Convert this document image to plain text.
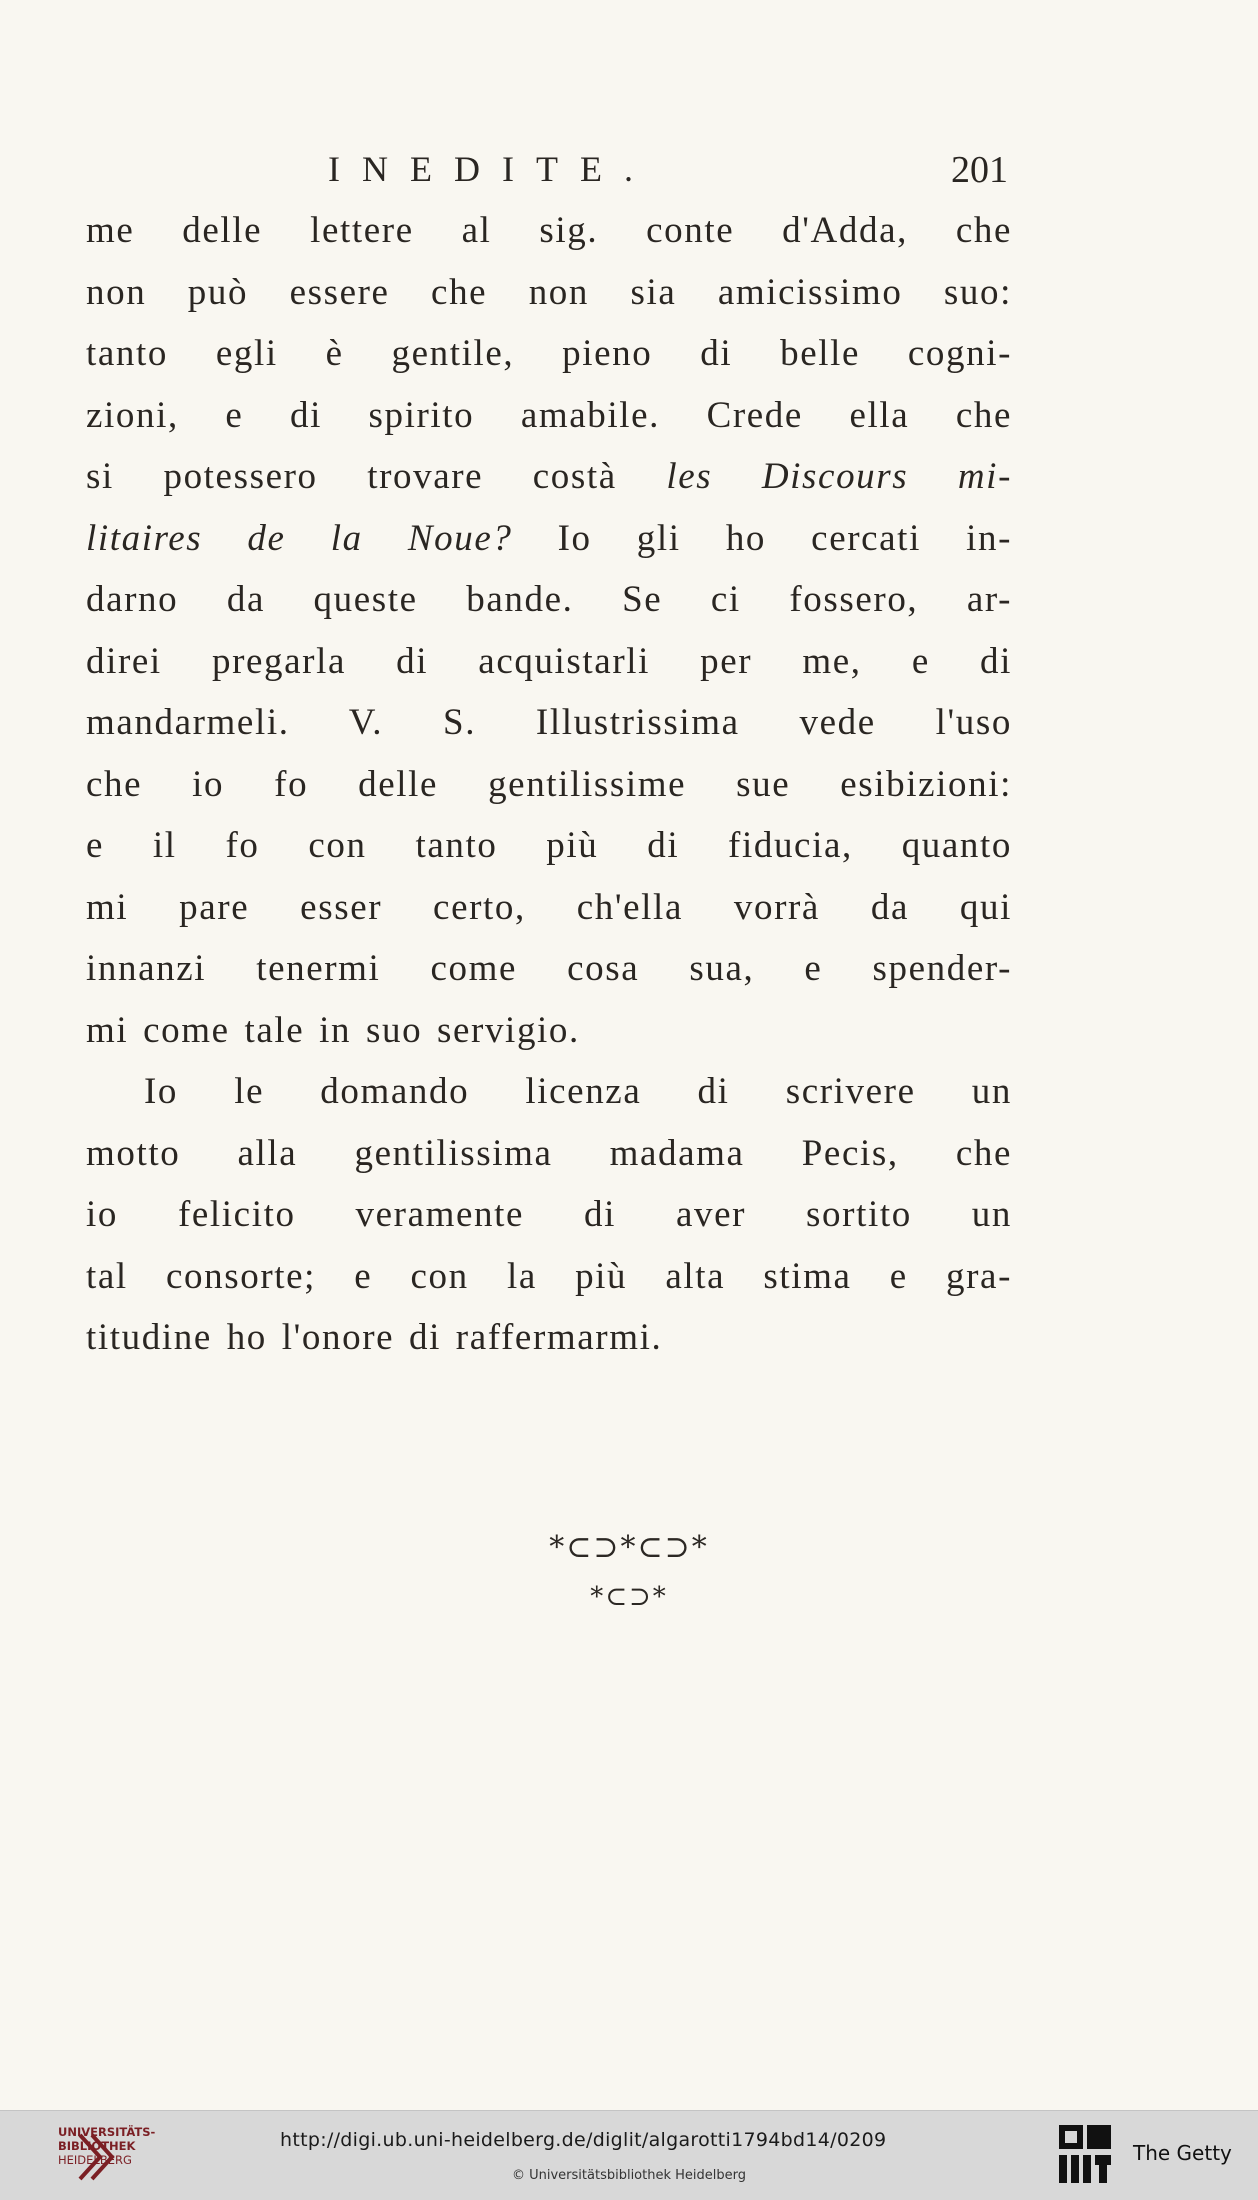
INEDITE.	201
me delle lettere al sig. conte d'Adda, che
non può essere che non sia amicissimo suo:
tanto egli è gentile, pieno di belle cogni-
zioni, e di spirito amabile. Crede ella che
si potessero trovare costà les Discours mi-
litaires de la Noue? Io gli ho cercati in-
darno da queste bande. Se ci fossero, ar-
direi pregarla di acquistarli per me, e di
mandarmeli. V. S. Illustrissima vede l'uso
che io fo delle gentilissime sue esibizioni:
e il fo con tanto più di fiducia, quanto
mi pare esser certo, ch'ella vorrà da qui
innanzi tenermi come cosa sua, e spender-
mi come tale in suo servigio.
Io le domando licenza di scrivere un
motto alla gentilissima madama Pecis, che
io felicito veramente di aver sortito un
tal consorte; e con la più alta stima e gra-
titudine ho l'onore di raffermarmi.
*⊂⊃*⊂⊃*
*⊂⊃*
UNIVERSITÄTS-
BIBLIOTHEK
HEIDELBERG
http://digi.ub.uni-heidelberg.de/diglit/algarotti1794bd14/0209
© Universitätsbibliothek Heidelberg
The Getty
